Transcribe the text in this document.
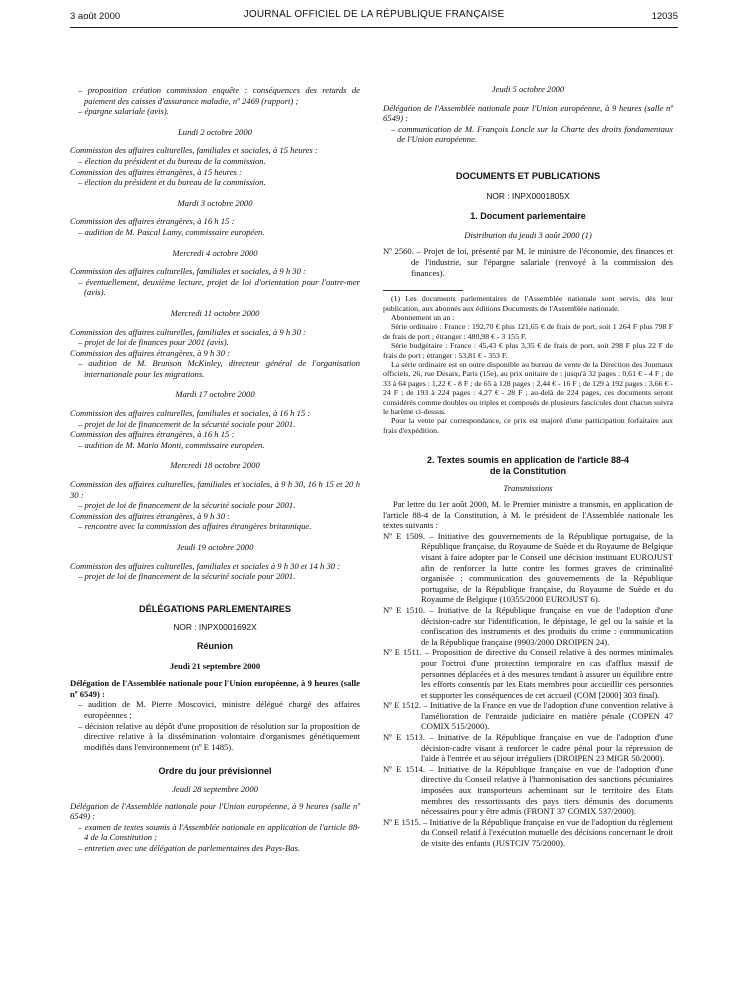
3 août 2000	JOURNAL OFFICIEL DE LA RÉPUBLIQUE FRANÇAISE	12035

– proposition création commission enquête : conséquences des retards de paiement des caisses d'assurance maladie, nº 2469 (rapport) ;

– épargne salariale (avis).

Lundi 2 octobre 2000

Commission des affaires culturelles, familiales et sociales, à 15 heures :

– élection du président et du bureau de la commission.

Commission des affaires étrangères, à 15 heures :

– élection du président et du bureau de la commission.

Mardi 3 octobre 2000

Commission des affaires étrangères, à 16 h 15 :

– audition de M. Pascal Lamy, commissaire européen.

Mercredi 4 octobre 2000

Commission des affaires culturelles, familiales et sociales, à 9 h 30 :

– éventuellement, deuxième lecture, projet de loi d'orientation pour l'outre-mer (avis).

Mercredi 11 octobre 2000

Commission des affaires culturelles, familiales et sociales, à 9 h 30 :

– projet de loi de finances pour 2001 (avis).

Commission des affaires étrangères, à 9 h 30 :

– audition de M. Brunson McKinley, directeur général de l'organisation internationale pour les migrations.

Mardi 17 octobre 2000

Commission des affaires culturelles, familiales et sociales, à 16 h 15 :

– projet de loi de financement de la sécurité sociale pour 2001.

Commission des affaires étrangères, à 16 h 15 :

– audition de M. Mario Monti, commissaire européen.

Mercredi 18 octobre 2000

Commission des affaires culturelles, familiales et sociales, à 9 h 30, 16 h 15 et 20 h 30 :

– projet de loi de financement de la sécurité sociale pour 2001.

Commission des affaires étrangères, à 9 h 30 :

– rencontre avec la commission des affaires étrangères britannique.

Jeudi 19 octobre 2000

Commission des affaires culturelles, familiales et sociales à 9 h 30 et 14 h 30 :

– projet de loi de financement de la sécurité sociale pour 2001.

DÉLÉGATIONS PARLEMENTAIRES

NOR : INPX0001692X

Réunion

Jeudi 21 septembre 2000

Délégation de l'Assemblée nationale pour l'Union européenne, à 9 heures (salle nº 6549) :

– audition de M. Pierre Moscovici, ministre délégué chargé des affaires européennes ;

– décision relative au dépôt d'une proposition de résolution sur la proposition de directive relative à la dissémination volontaire d'organismes génétiquement modifiés dans l'environnement (nº E 1485).

Ordre du jour prévisionnel

Jeudi 28 septembre 2000

Délégation de l'Assemblée nationale pour l'Union européenne, à 9 heures (salle nº 6549) :

– examen de textes soumis à l'Assemblée nationale en application de l'article 88-4 de la Constitution ;

– entretien avec une délégation de parlementaires des Pays-Bas.

Jeudi 5 octobre 2000

Délégation de l'Assemblée nationale pour l'Union européenne, à 9 heures (salle nº 6549) :

– communication de M. François Loncle sur la Charte des droits fondamentaux de l'Union européenne.

DOCUMENTS ET PUBLICATIONS

NOR : INPX0001805X

1. Document parlementaire

Distribution du jeudi 3 août 2000 (1)

Nº 2560. – Projet de loi, présenté par M. le ministre de l'économie, des finances et de l'industrie, sur l'épargne salariale (renvoyé à la commission des finances).

(1) Les documents parlementaires de l'Assemblée nationale sont servis, dès leur publication, aux abonnés aux éditions Documents de l'Assemblée nationale.

Abonnement un an :

Série ordinaire : France : 192,70 € plus 121,65 € de frais de port, soit 1 264 F plus 798 F de frais de port ; étranger : 480,98 € - 3 155 F.

Série budgétaire : France : 45,43 € plus 3,35 € de frais de port, soit 298 F plus 22 F de frais de port ; étranger : 53,81 € - 353 F.

La série ordinaire est en outre disponible au bureau de vente de la Direction des Journaux officiels, 26, rue Desaix, Paris (15e), au prix unitaire de : jusqu'à 32 pages : 0,61 € - 4 F ; de 33 à 64 pages : 1,22 € - 8 F ; de 65 à 128 pages : 2,44 € - 16 F ; de 129 à 192 pages : 3,66 € - 24 F ; de 193 à 224 pages : 4,27 € - 28 F ; au-delà de 224 pages, ces documents seront considérés comme doubles ou triples et composés de plusieurs fascicules dont chacun suivra le barème ci-dessus.

Pour la vente par correspondance, ce prix est majoré d'une participation forfaitaire aux frais d'expédition.

2. Textes soumis en application de l'article 88-4

de la Constitution

Transmissions

Par lettre du 1er août 2000, M. le Premier ministre a transmis, en application de l'article 88-4 de la Constitution, à M. le président de l'Assemblée nationale les textes suivants :

Nº E 1509. – Initiative des gouvernements de la République portugaise, de la République française, du Royaume de Suède et du Royaume de Belgique visant à faire adopter par le Conseil une décision instituant EUROJUST afin de renforcer la lutte contre les formes graves de criminalité organisée : communication des gouvernements de la République portugaise, de la République française, du Royaume de Suède et du Royaume de Belgique (10355/2000 EUROJUST 6).

Nº E 1510. – Initiative de la République française en vue de l'adoption d'une décision-cadre sur l'identification, le dépistage, le gel ou la saisie et la confiscation des instruments et des produits du crime : communication de la République française (9903/2000 DROIPEN 24).

Nº E 1511. – Proposition de directive du Conseil relative à des normes minimales pour l'octroi d'une protection temporaire en cas d'afflux massif de personnes déplacées et à des mesures tendant à assurer un équilibre entre les efforts consentis par les Etats membres pour accueillir ces personnes et supporter les conséquences de cet accueil (COM [2000] 303 final).

Nº E 1512. – Initiative de la France en vue de l'adoption d'une convention relative à l'amélioration de l'entraide judiciaire en matière pénale (COPEN 47 COMIX 515/2000).

Nº E 1513. – Initiative de la République française en vue de l'adoption d'une décision-cadre visant à renforcer le cadre pénal pour la répression de l'aide à l'entrée et au séjour irréguliers (DROIPEN 23 MIGR 50/2000).

Nº E 1514. – Initiative de la République française en vue de l'adoption d'une directive du Conseil relative à l'harmonisation des sanctions pécuniaires imposées aux transporteurs acheminant sur le territoire des Etats membres des ressortissants des pays tiers démunis des documents nécessaires pour y être admis (FRONT 37 COMIX 537/2000).

Nº E 1515. – Initiative de la République française en vue de l'adoption du règlement du Conseil relatif à l'exécution mutuelle des décisions concernant le droit de visite des enfants (JUSTCIV 75/2000).
